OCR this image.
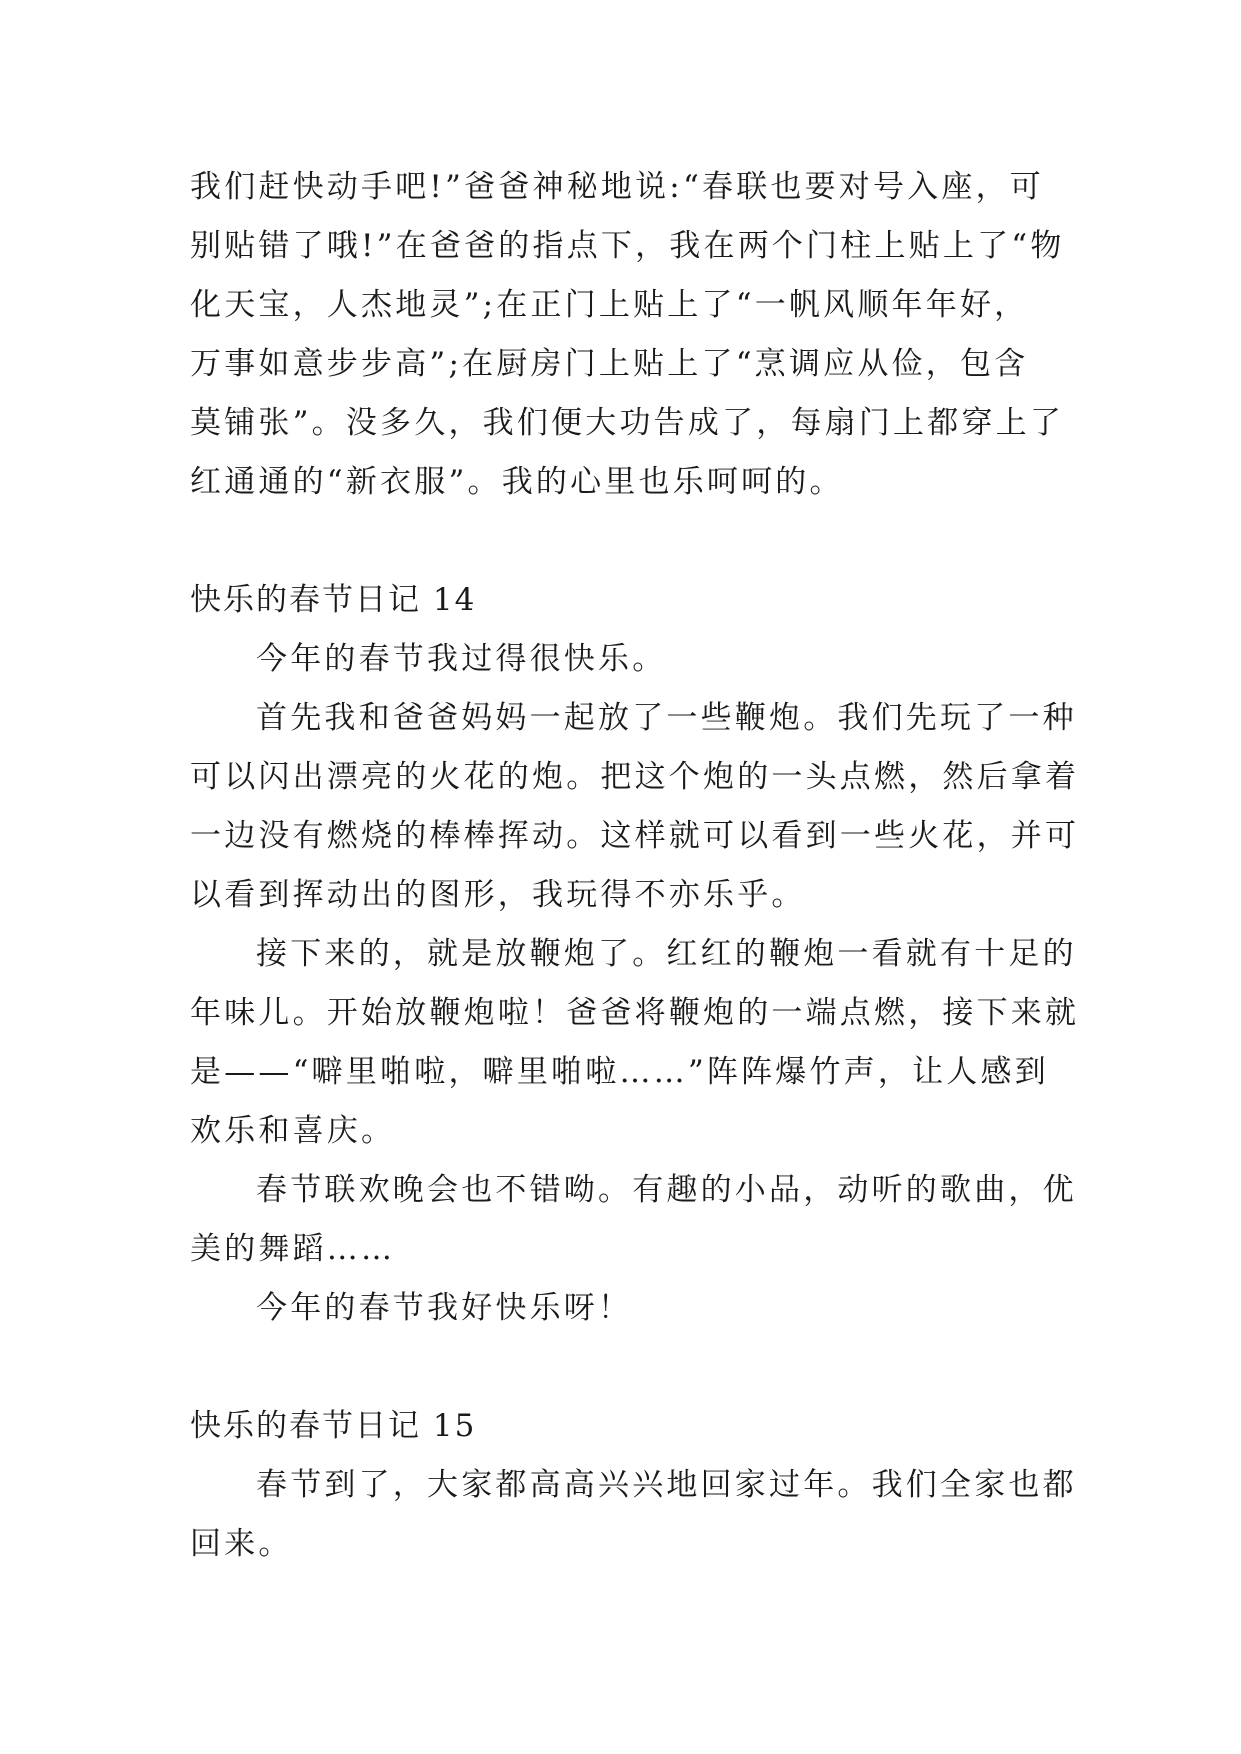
我们赶快动手吧!”爸爸神秘地说:“春联也要对号入座，可
别贴错了哦!”在爸爸的指点下，我在两个门柱上贴上了“物
化天宝，人杰地灵”;在正门上贴上了“一帆风顺年年好，
万事如意步步高”;在厨房门上贴上了“烹调应从俭，包含
莫铺张”。没多久，我们便大功告成了，每扇门上都穿上了
红通通的“新衣服”。我的心里也乐呵呵的。
快乐的春节日记 14
今年的春节我过得很快乐。
首先我和爸爸妈妈一起放了一些鞭炮。我们先玩了一种
可以闪出漂亮的火花的炮。把这个炮的一头点燃，然后拿着
一边没有燃烧的棒棒挥动。这样就可以看到一些火花，并可
以看到挥动出的图形，我玩得不亦乐乎。
接下来的，就是放鞭炮了。红红的鞭炮一看就有十足的
年味儿。开始放鞭炮啦！爸爸将鞭炮的一端点燃，接下来就
是——“噼里啪啦，噼里啪啦……”阵阵爆竹声，让人感到
欢乐和喜庆。
春节联欢晚会也不错呦。有趣的小品，动听的歌曲，优
美的舞蹈……
今年的春节我好快乐呀！
快乐的春节日记 15
春节到了，大家都高高兴兴地回家过年。我们全家也都
回来。
